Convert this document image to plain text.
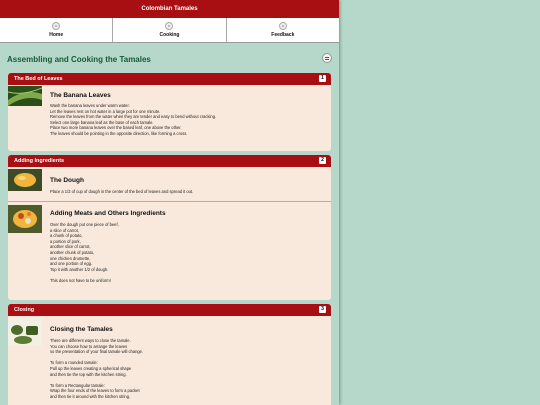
Colombian Tamales
Home	Cooking	Feedback
Assembling and Cooking the Tamales
The Bed of Leaves	1
The Banana Leaves
Wash the banana leaves under warm water.
Let the leaves rest on hot water in a large pot for one minute.
Remove the leaves from the water when they are tender and easy to bend without cracking.
Select one large banana leaf as the base of each tamale.
Place two more banana leaves over the based leaf, one above the other.
The leaves should be pointing in the opposite direction, like forming a cross.
Adding Ingredients	2
The Dough
Place a 1/2 of cup of dough in the center of the bed of leaves and spread it out.
Adding Meats and Others Ingredients
Over the dough put one piece of beef,
a slice of carrot,
a chunk of potato,
a portion of pork,
another slice of carrot,
another chunk of potato,
one chicken drumette,
and one portion of egg.
Top it with another 1/2 of dough.

This does not have to be uniform!
Closing	3
Closing the Tamales
There are different ways to close the tamale.
You can choose how to arrange the leaves
so the presentation of your final tamale will change.

To form a rounded tamale:
Pull up the leaves creating a spherical shape
and then tie the top with the kitchen string.

To form a Rectangular tamale:
Wrap the four ends of the leaves to form a packet
and then tie it around with the kitchen string.
